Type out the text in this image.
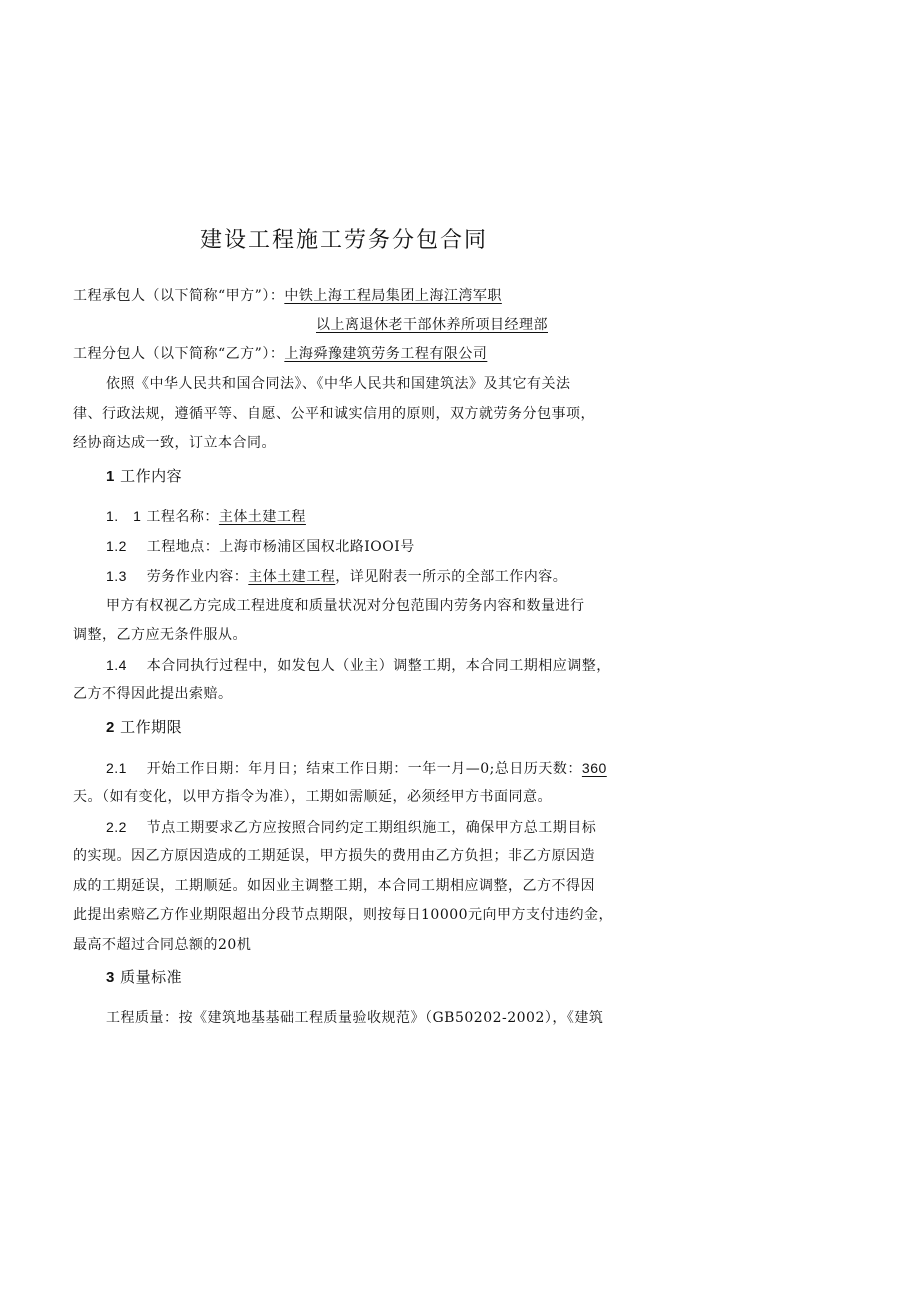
建设工程施工劳务分包合同
工程承包人（以下简称“甲方”）：中铁上海工程局集团上海江湾军职
以上离退休老干部休养所项目经理部
工程分包人（以下简称“乙方”）：上海舜豫建筑劳务工程有限公司
依照《中华人民共和国合同法》、《中华人民共和国建筑法》及其它有关法
律、行政法规，遵循平等、自愿、公平和诚实信用的原则，双方就劳务分包事项，
经协商达成一致，订立本合同。
1 工作内容
1.　1 工程名称：主体土建工程
1.2 工程地点：上海市杨浦区国权北路IOOI号
1.3 劳务作业内容：主体土建工程，详见附表一所示的全部工作内容。
甲方有权视乙方完成工程进度和质量状况对分包范围内劳务内容和数量进行
调整，乙方应无条件服从。
1.4 本合同执行过程中，如发包人（业主）调整工期，本合同工期相应调整，
乙方不得因此提出索赔。
2 工作期限
2.1 开始工作日期：年月日；结束工作日期：一年一月—0;总日历天数：360
天。（如有变化，以甲方指令为准），工期如需顺延，必须经甲方书面同意。
2.2 节点工期要求乙方应按照合同约定工期组织施工，确保甲方总工期目标
的实现。因乙方原因造成的工期延误，甲方损失的费用由乙方负担；非乙方原因造
成的工期延误，工期顺延。如因业主调整工期，本合同工期相应调整，乙方不得因
此提出索赔乙方作业期限超出分段节点期限，则按每日10000元向甲方支付违约金，
最高不超过合同总额的20机
3 质量标准
工程质量：按《建筑地基基础工程质量验收规范》（GB50202-2002），《建筑
